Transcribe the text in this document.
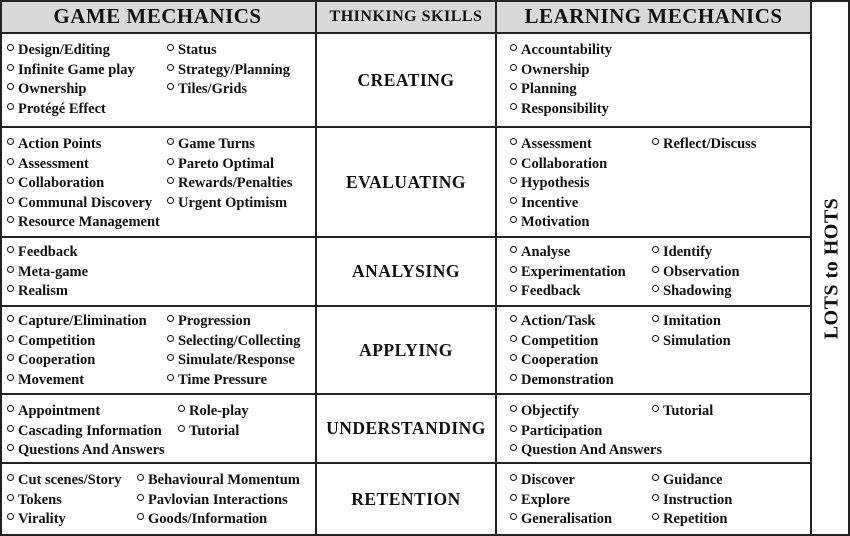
GAME MECHANICS	THINKING SKILLS	LEARNING MECHANICS
LOTS to HOTS
CREATING
Design/Editing
Infinite Game play
Ownership
Protégé Effect
Status
Strategy/Planning
Tiles/Grids
Accountability
Ownership
Planning
Responsibility
EVALUATING
Action Points
Assessment
Collaboration
Communal Discovery
Resource Management
Game Turns
Pareto Optimal
Rewards/Penalties
Urgent Optimism
Assessment
Collaboration
Hypothesis
Incentive
Motivation
Reflect/Discuss
ANALYSING
Feedback
Meta-game
Realism
Analyse
Experimentation
Feedback
Identify
Observation
Shadowing
APPLYING
Capture/Elimination
Competition
Cooperation
Movement
Progression
Selecting/Collecting
Simulate/Response
Time Pressure
Action/Task
Competition
Cooperation
Demonstration
Imitation
Simulation
UNDERSTANDING
Appointment
Cascading Information
Questions And Answers
Role-play
Tutorial
Objectify
Participation
Question And Answers
Tutorial
RETENTION
Cut scenes/Story
Tokens
Virality
Behavioural Momentum
Pavlovian Interactions
Goods/Information
Discover
Explore
Generalisation
Guidance
Instruction
Repetition
